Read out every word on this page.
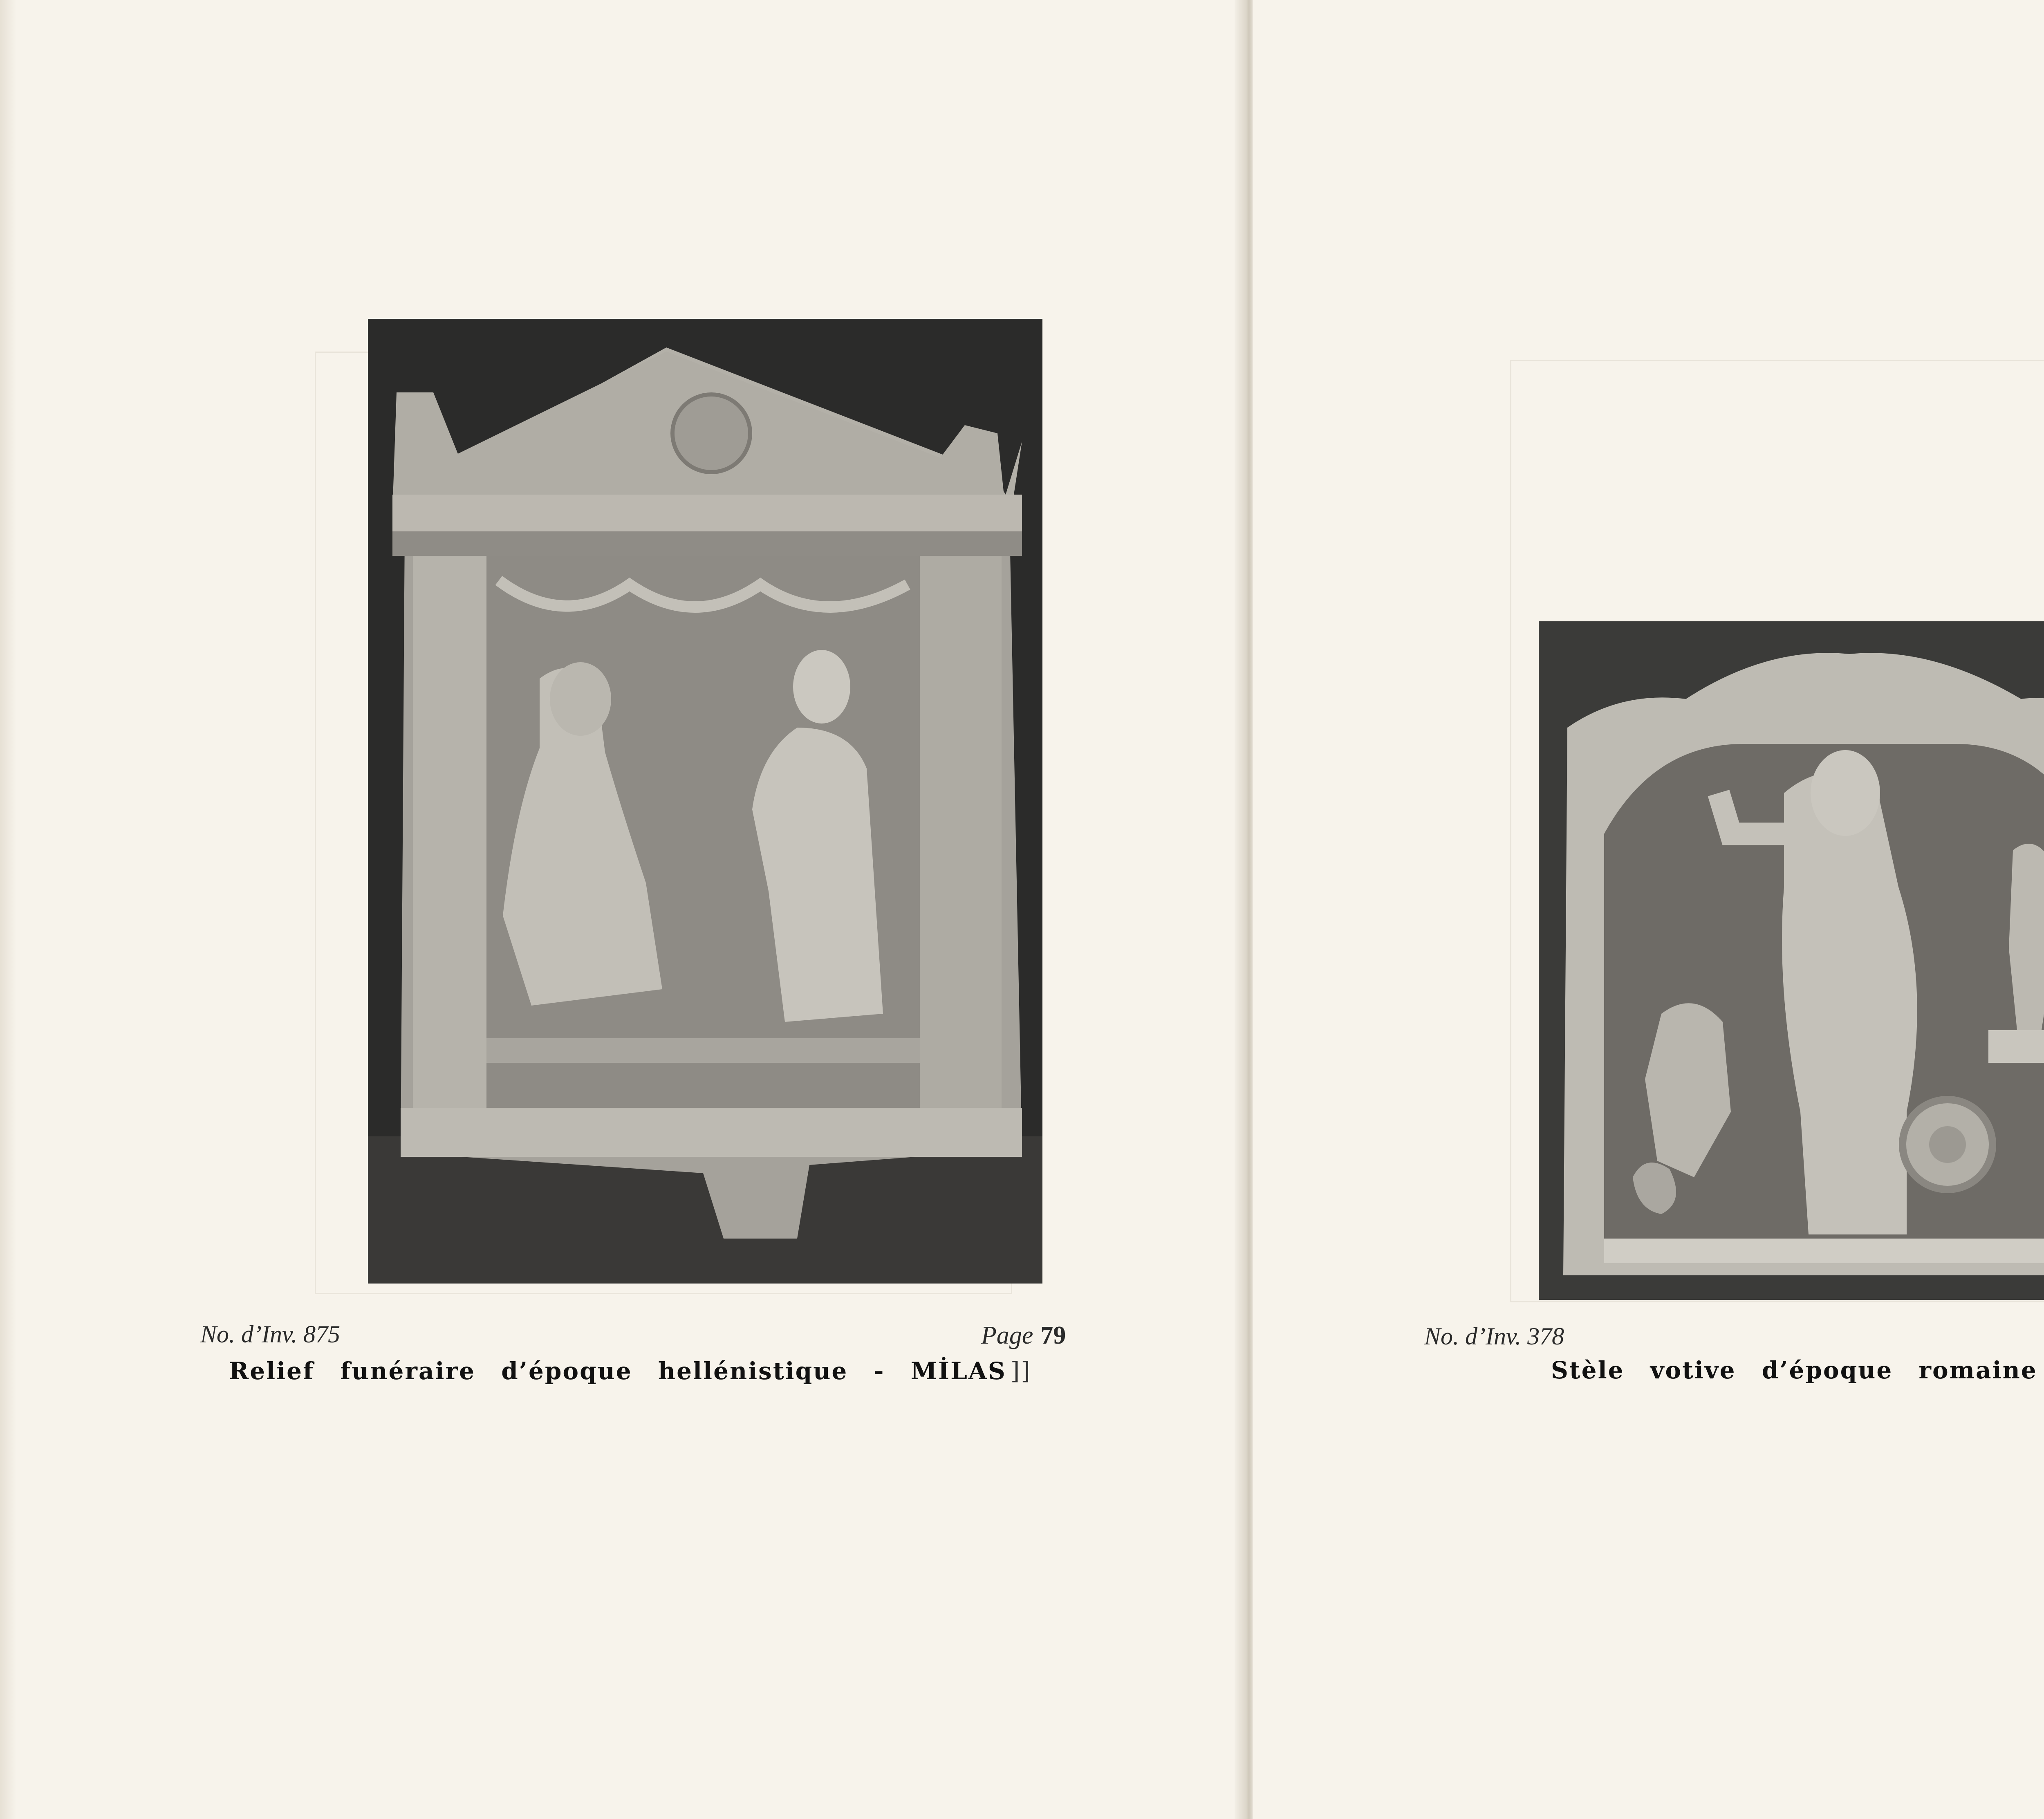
No. d’Inv. 875	Page 79
Relief funéraire d’époque hellénistique - MİLAS ]]
No. d’Inv. 378
Stèle votive d’époque romaine
